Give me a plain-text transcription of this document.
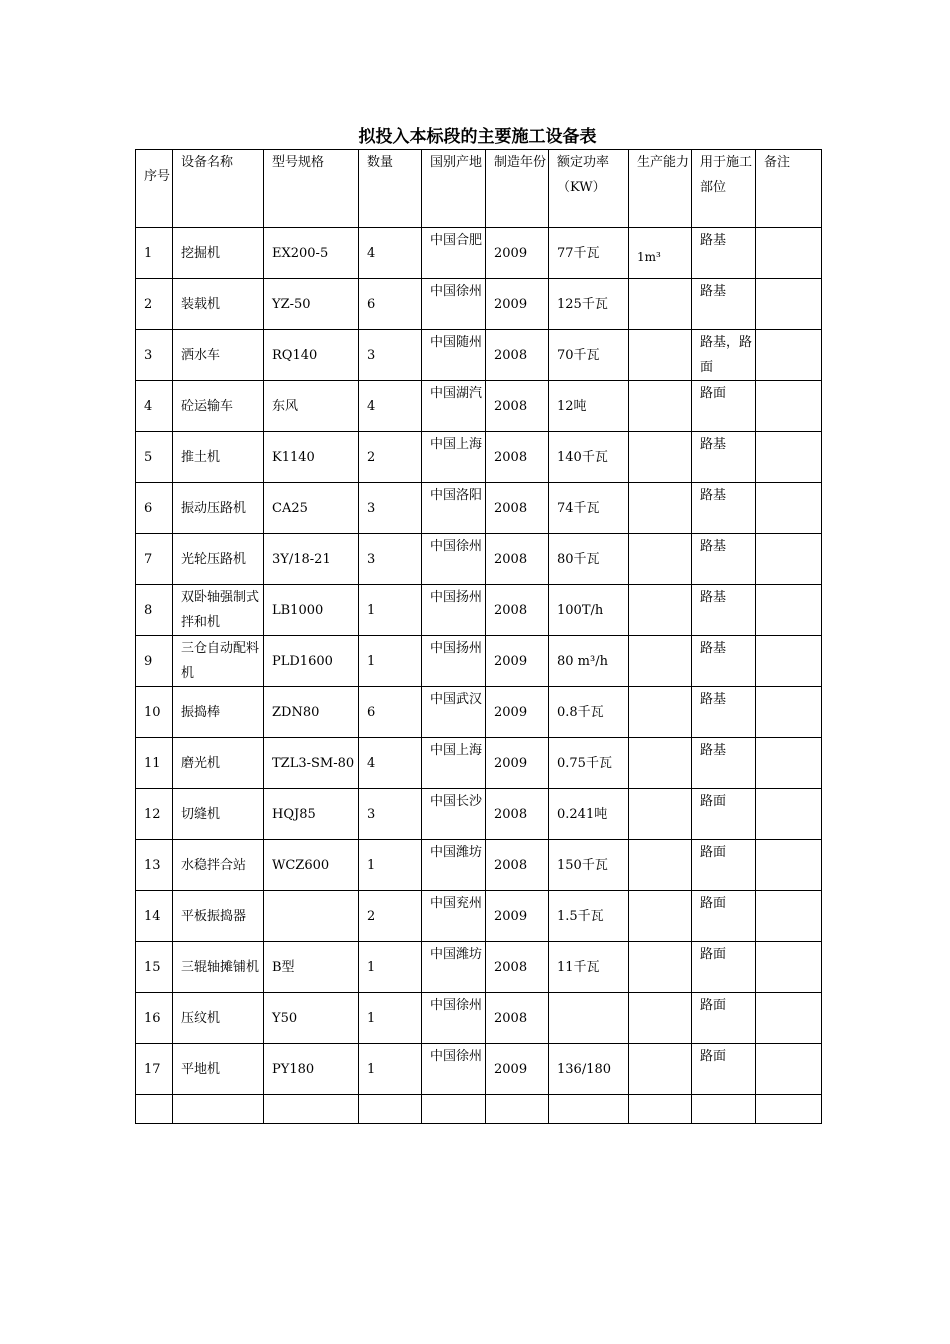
拟投入本标段的主要施工设备表
序号	设备名称	型号规格	数量	国别产地	制造年份	额定功率（KW）	生产能力	用于施工部位	备注
1	挖掘机	EX200-5	4	中国合肥	2009	77千瓦	1m³	路基	
2	装载机	YZ-50	6	中国徐州	2009	125千瓦		路基	
3	洒水车	RQ140	3	中国随州	2008	70千瓦		路基，路面	
4	砼运输车	东风	4	中国湖汽	2008	12吨		路面	
5	推土机	K1140	2	中国上海	2008	140千瓦		路基	
6	振动压路机	CA25	3	中国洛阳	2008	74千瓦		路基	
7	光轮压路机	3Y/18-21	3	中国徐州	2008	80千瓦		路基	
8	双卧轴强制式拌和机	LB1000	1	中国扬州	2008	100T/h		路基	
9	三仓自动配料机	PLD1600	1	中国扬州	2009	80 m³/h		路基	
10	振捣棒	ZDN80	6	中国武汉	2009	0.8千瓦		路基	
11	磨光机	TZL3-SM-80	4	中国上海	2009	0.75千瓦		路基	
12	切缝机	HQJ85	3	中国长沙	2008	0.241吨		路面	
13	水稳拌合站	WCZ600	1	中国潍坊	2008	150千瓦		路面	
14	平板振捣器		2	中国兖州	2009	1.5千瓦		路面	
15	三辊轴摊铺机	B型	1	中国潍坊	2008	11千瓦		路面	
16	压纹机	Y50	1	中国徐州	2008			路面	
17	平地机	PY180	1	中国徐州	2009	136/180		路面	
